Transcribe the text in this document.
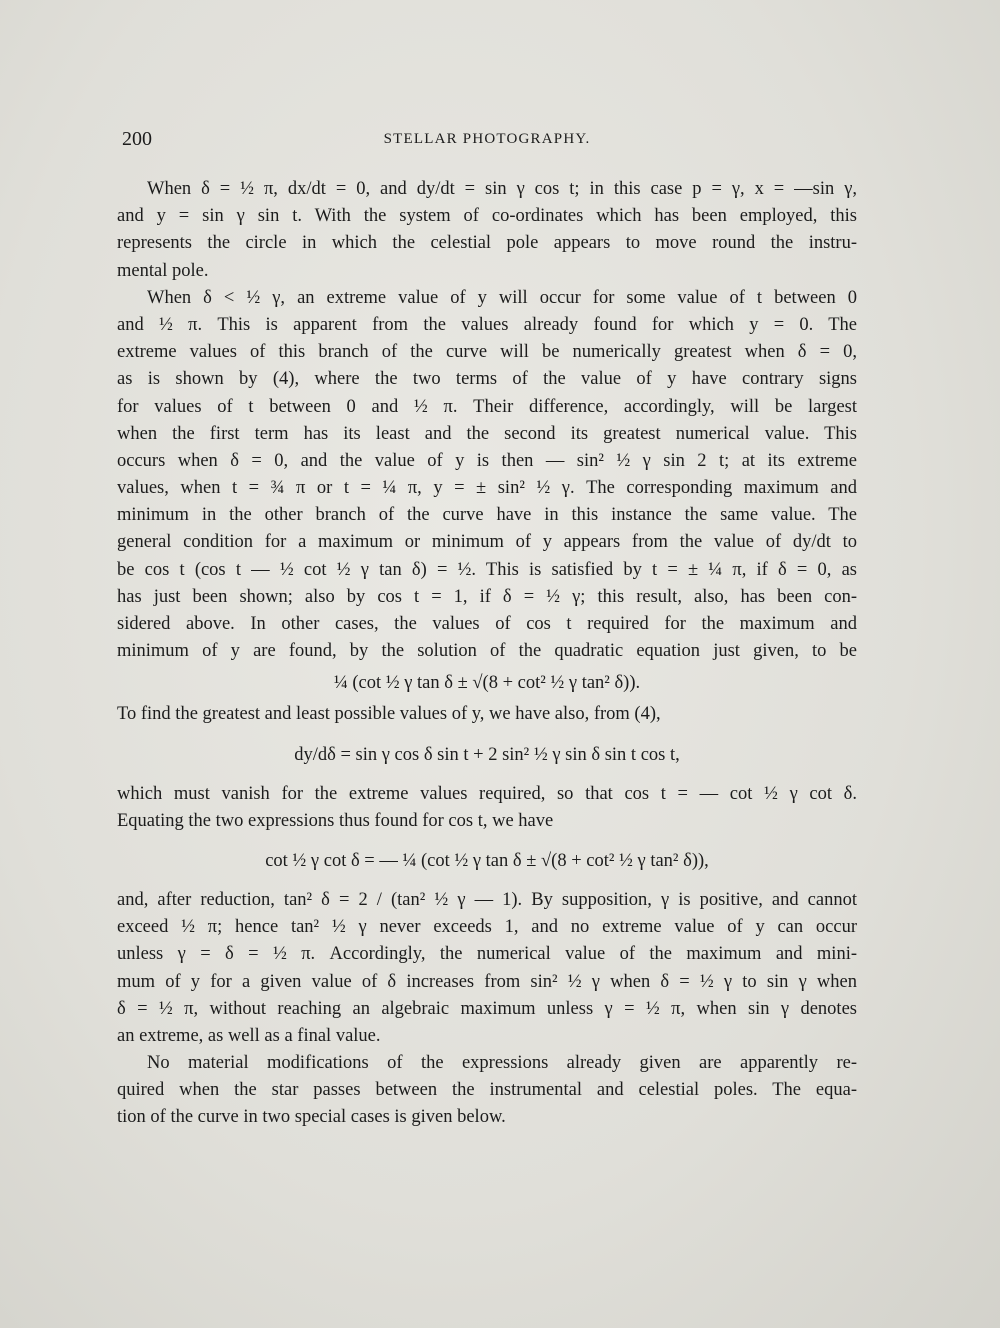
200	STELLAR PHOTOGRAPHY.
When δ = ½ π, dx/dt = 0, and dy/dt = sin γ cos t; in this case p = γ, x = —sin γ,
and y = sin γ sin t. With the system of co-ordinates which has been employed, this
represents the circle in which the celestial pole appears to move round the instru-
mental pole.
When δ < ½ γ, an extreme value of y will occur for some value of t between 0
and ½ π. This is apparent from the values already found for which y = 0. The
extreme values of this branch of the curve will be numerically greatest when δ = 0,
as is shown by (4), where the two terms of the value of y have contrary signs
for values of t between 0 and ½ π. Their difference, accordingly, will be largest
when the first term has its least and the second its greatest numerical value. This
occurs when δ = 0, and the value of y is then — sin² ½ γ sin 2 t; at its extreme
values, when t = ¾ π or t = ¼ π, y = ± sin² ½ γ. The corresponding maximum and
minimum in the other branch of the curve have in this instance the same value. The
general condition for a maximum or minimum of y appears from the value of dy/dt to
be cos t (cos t — ½ cot ½ γ tan δ) = ½. This is satisfied by t = ± ¼ π, if δ = 0, as
has just been shown; also by cos t = 1, if δ = ½ γ; this result, also, has been con-
sidered above. In other cases, the values of cos t required for the maximum and
minimum of y are found, by the solution of the quadratic equation just given, to be
¼ (cot ½ γ tan δ ± √(8 + cot² ½ γ tan² δ)).
To find the greatest and least possible values of y, we have also, from (4),
dy/dδ = sin γ cos δ sin t + 2 sin² ½ γ sin δ sin t cos t,
which must vanish for the extreme values required, so that cos t = — cot ½ γ cot δ.
Equating the two expressions thus found for cos t, we have
cot ½ γ cot δ = — ¼ (cot ½ γ tan δ ± √(8 + cot² ½ γ tan² δ)),
and, after reduction, tan² δ = 2 / (tan² ½ γ — 1). By supposition, γ is positive, and cannot
exceed ½ π; hence tan² ½ γ never exceeds 1, and no extreme value of y can occur
unless γ = δ = ½ π. Accordingly, the numerical value of the maximum and mini-
mum of y for a given value of δ increases from sin² ½ γ when δ = ½ γ to sin γ when
δ = ½ π, without reaching an algebraic maximum unless γ = ½ π, when sin γ denotes
an extreme, as well as a final value.
No material modifications of the expressions already given are apparently re-
quired when the star passes between the instrumental and celestial poles. The equa-
tion of the curve in two special cases is given below.
